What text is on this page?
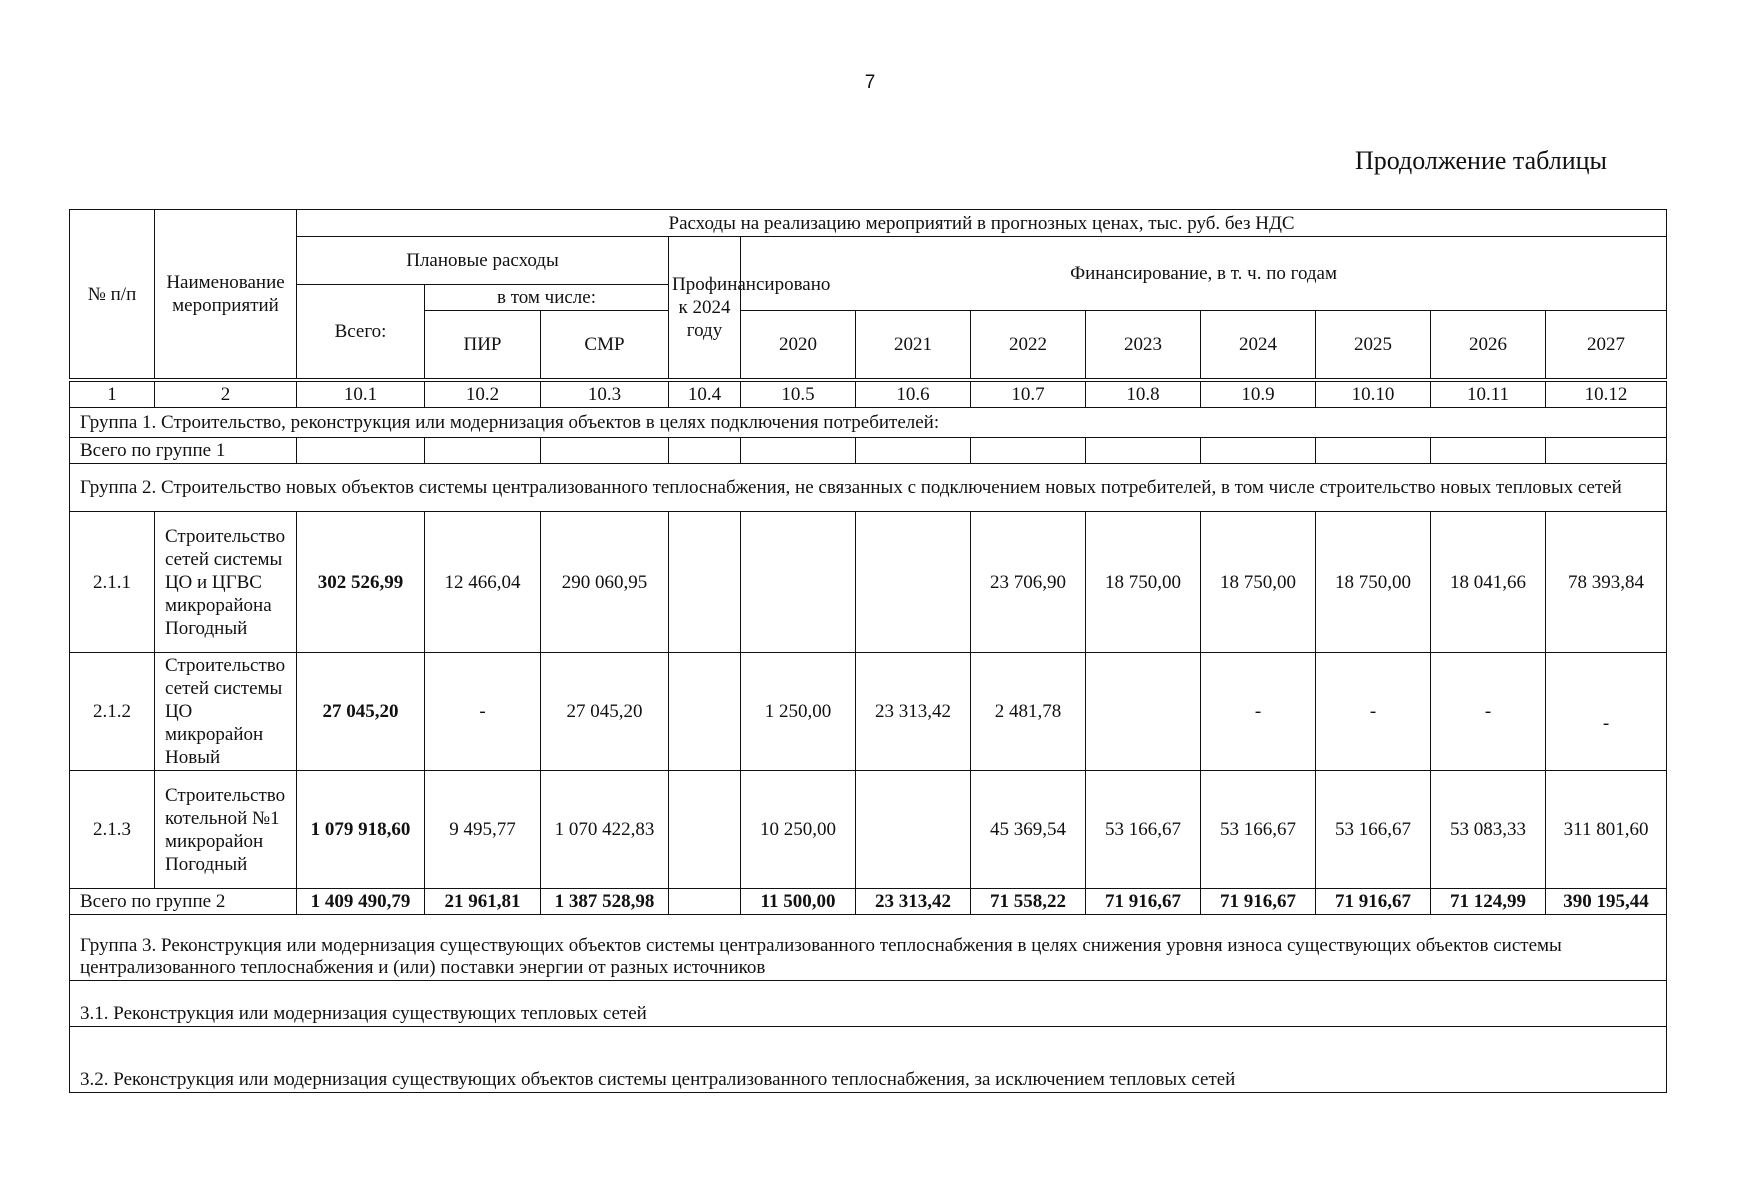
7
Продолжение таблицы
№ п/п	Наименование мероприятий	Расходы на реализацию мероприятий в прогнозных ценах, тыс. руб. без НДС											
		Плановые расходы			Профинансировано к 2024 году	Финансирование, в т. ч. по годам							
		Всего:	в том числе:										
			ПИР	СМР		2020	2021	2022	2023	2024	2025	2026	2027

1	2	10.1	10.2	10.3	10.4	10.5	10.6	10.7	10.8	10.9	10.10	10.11	10.12
Группа 1. Строительство, реконструкция или модернизация объектов в целях подключения потребителей:													
Всего по группе 1													
Группа 2. Строительство новых объектов системы централизованного теплоснабжения, не связанных с подключением новых потребителей, в том числе строительство новых тепловых сетей													
2.1.1	Строительство сетей системы ЦО и ЦГВС микрорайона Погодный	302 526,99	12 466,04	290 060,95				23 706,90	18 750,00	18 750,00	18 750,00	18 041,66	78 393,84
2.1.2	Строительство сетей системы ЦО микрорайон Новый	27 045,20	-	27 045,20		1 250,00	23 313,42	2 481,78		-	-	-	-
2.1.3	Строительство котельной №1 микрорайон Погодный	1 079 918,60	9 495,77	1 070 422,83		10 250,00		45 369,54	53 166,67	53 166,67	53 166,67	53 083,33	311 801,60
Всего по группе 2		1 409 490,79	21 961,81	1 387 528,98		11 500,00	23 313,42	71 558,22	71 916,67	71 916,67	71 916,67	71 124,99	390 195,44
Группа 3. Реконструкция или модернизация существующих объектов системы централизованного теплоснабжения в целях снижения уровня износа существующих объектов системы централизованного теплоснабжения и (или) поставки энергии от разных источников													
3.1. Реконструкция или модернизация существующих тепловых сетей													
3.2. Реконструкция или модернизация существующих объектов системы централизованного теплоснабжения, за исключением тепловых сетей													
